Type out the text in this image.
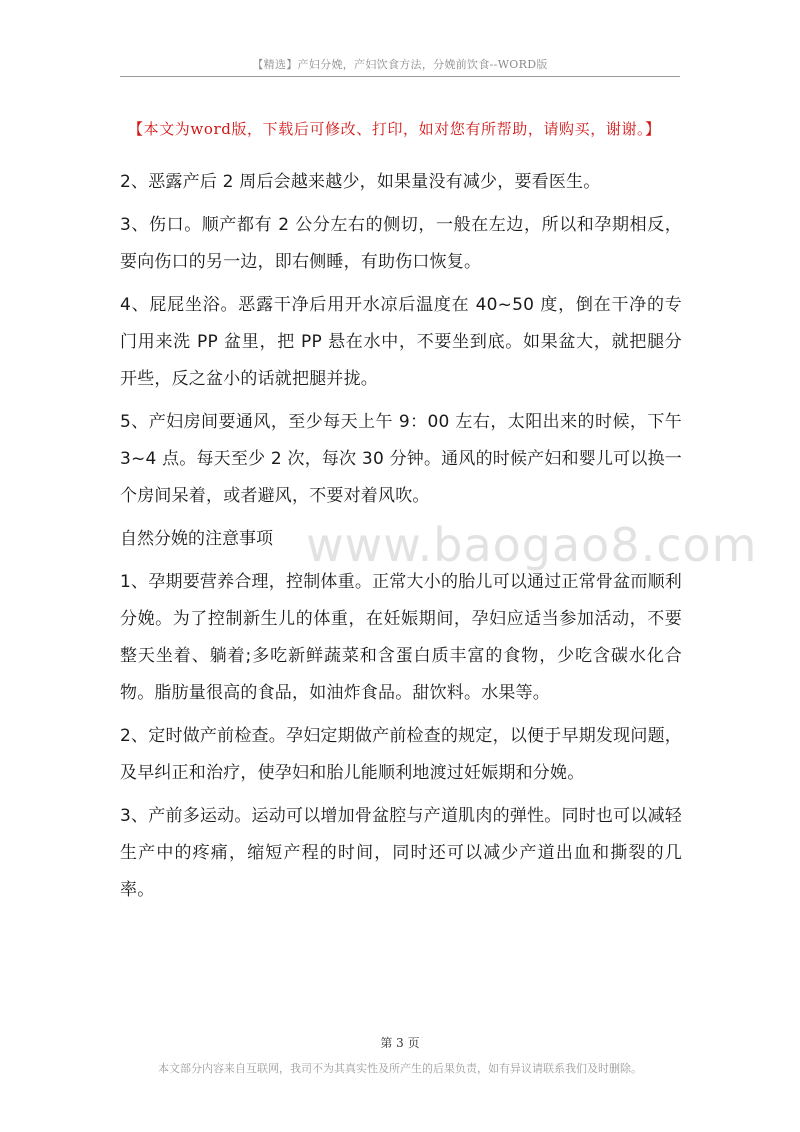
【精选】产妇分娩，产妇饮食方法，分娩前饮食--WORD版
【本文为word版，下载后可修改、打印，如对您有所帮助，请购买，谢谢。】
www.baogao8.com

2、恶露产后 2 周后会越来越少，如果量没有减少，要看医生。

3、伤口。顺产都有 2 公分左右的侧切，一般在左边，所以和孕期相反，要向伤口的另一边，即右侧睡，有助伤口恢复。

4、屁屁坐浴。恶露干净后用开水凉后温度在 40~50 度，倒在干净的专门用来洗 PP 盆里，把 PP 悬在水中，不要坐到底。如果盆大，就把腿分开些，反之盆小的话就把腿并拢。

5、产妇房间要通风，至少每天上午 9：00 左右，太阳出来的时候，下午 3~4 点。每天至少 2 次，每次 30 分钟。通风的时候产妇和婴儿可以换一个房间呆着，或者避风，不要对着风吹。

自然分娩的注意事项

1、孕期要营养合理，控制体重。正常大小的胎儿可以通过正常骨盆而顺利分娩。为了控制新生儿的体重，在妊娠期间，孕妇应适当参加活动，不要整天坐着、躺着;多吃新鲜蔬菜和含蛋白质丰富的食物，少吃含碳水化合物。脂肪量很高的食品，如油炸食品。甜饮料。水果等。

2、定时做产前检查。孕妇定期做产前检查的规定，以便于早期发现问题，及早纠正和治疗，使孕妇和胎儿能顺利地渡过妊娠期和分娩。

3、产前多运动。运动可以增加骨盆腔与产道肌肉的弹性。同时也可以减轻生产中的疼痛，缩短产程的时间，同时还可以减少产道出血和撕裂的几率。

第 3 页
本文部分内容来自互联网，我司不为其真实性及所产生的后果负责，如有异议请联系我们及时删除。
